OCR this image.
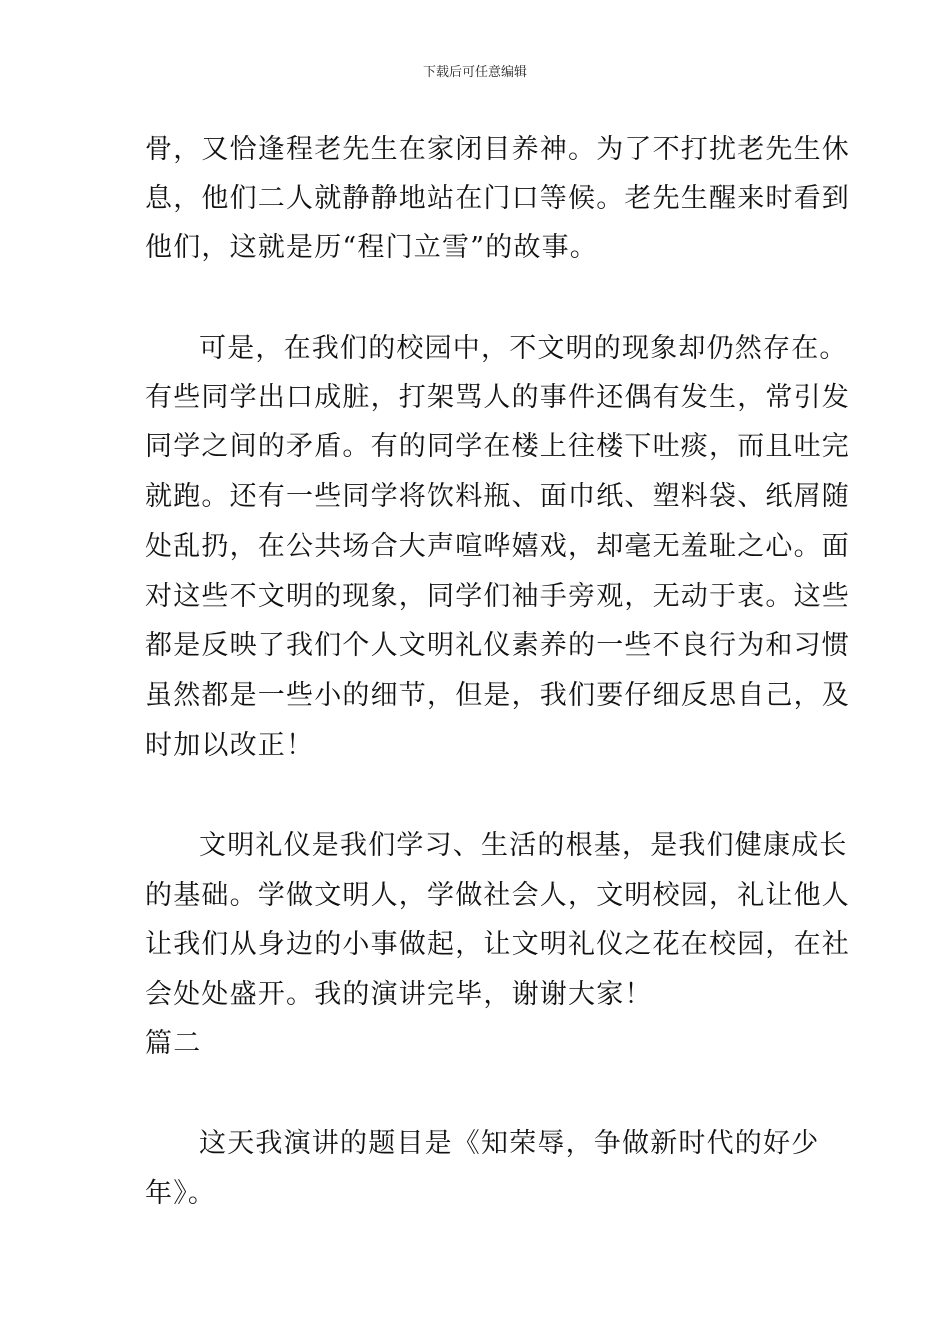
下载后可任意编辑
骨，又恰逢程老先生在家闭目养神。为了不打扰老先生休
息，他们二人就静静地站在门口等候。老先生醒来时看到
他们，这就是历“程门立雪”的故事。
可是，在我们的校园中，不文明的现象却仍然存在。
有些同学出口成脏，打架骂人的事件还偶有发生，常引发
同学之间的矛盾。有的同学在楼上往楼下吐痰，而且吐完
就跑。还有一些同学将饮料瓶、面巾纸、塑料袋、纸屑随
处乱扔，在公共场合大声喧哗嬉戏，却毫无羞耻之心。面
对这些不文明的现象，同学们袖手旁观，无动于衷。这些
都是反映了我们个人文明礼仪素养的一些不良行为和习惯
虽然都是一些小的细节，但是，我们要仔细反思自己，及
时加以改正！
文明礼仪是我们学习、生活的根基，是我们健康成长
的基础。学做文明人，学做社会人，文明校园，礼让他人
让我们从身边的小事做起，让文明礼仪之花在校园，在社
会处处盛开。我的演讲完毕，谢谢大家！
篇二
这天我演讲的题目是《知荣辱，争做新时代的好少
年》。
